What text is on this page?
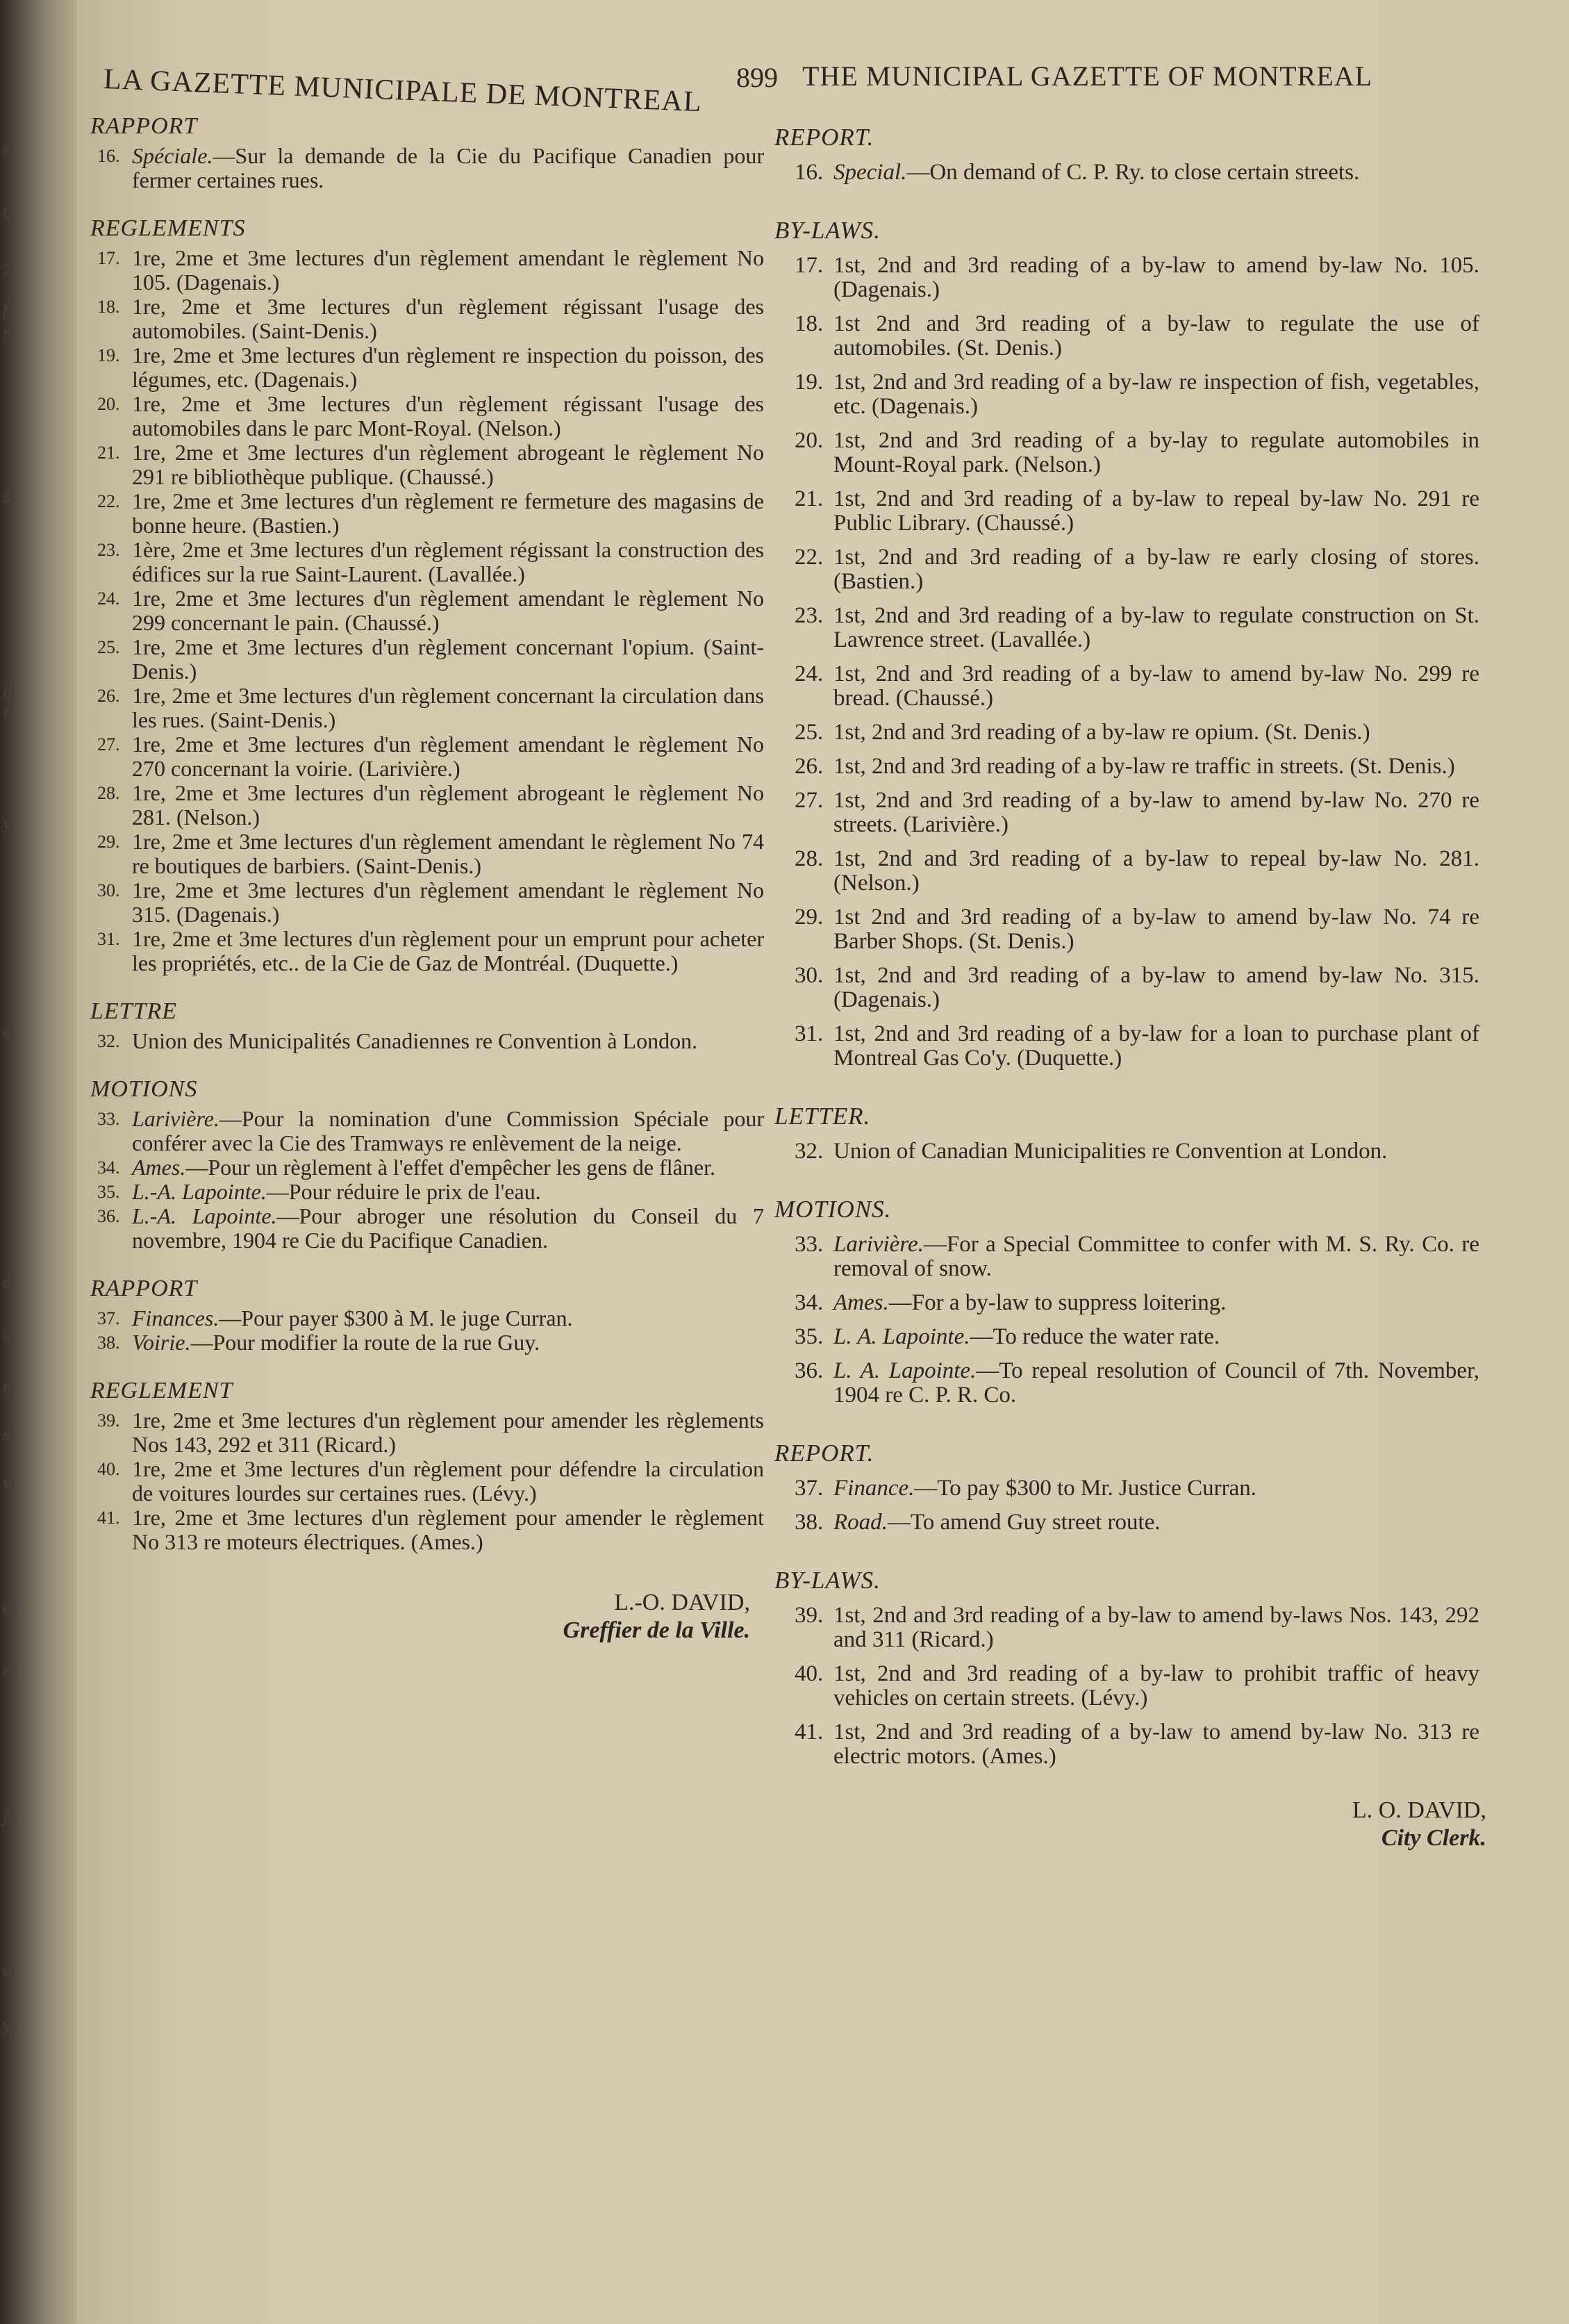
s
t,
;
f.
r
s
it
r
y
e.
d
w
n
s
w
of
rt
j-
o.
y-
LA GAZETTE MUNICIPALE DE MONTREAL 899 THE MUNICIPAL GAZETTE OF MONTREAL
RAPPORT
16. Spéciale.—Sur la demande de la Cie du Pacifique Canadien pour fermer certaines rues.
REGLEMENTS
17. 1re, 2me et 3me lectures d'un règlement amendant le règlement No 105. (Dagenais.)
18. 1re, 2me et 3me lectures d'un règlement régissant l'usage des automobiles. (Saint-Denis.)
19. 1re, 2me et 3me lectures d'un règlement re inspection du poisson, des légumes, etc. (Dagenais.)
20. 1re, 2me et 3me lectures d'un règlement régissant l'usage des automobiles dans le parc Mont-Royal. (Nelson.)
21. 1re, 2me et 3me lectures d'un règlement abrogeant le règlement No 291 re bibliothèque publique. (Chaussé.)
22. 1re, 2me et 3me lectures d'un règlement re fermeture des magasins de bonne heure. (Bastien.)
23. 1ère, 2me et 3me lectures d'un règlement régissant la construction des édifices sur la rue Saint-Laurent. (Lavallée.)
24. 1re, 2me et 3me lectures d'un règlement amendant le règlement No 299 concernant le pain. (Chaussé.)
25. 1re, 2me et 3me lectures d'un règlement concernant l'opium. (Saint-Denis.)
26. 1re, 2me et 3me lectures d'un règlement concernant la circulation dans les rues. (Saint-Denis.)
27. 1re, 2me et 3me lectures d'un règlement amendant le règlement No 270 concernant la voirie. (Larivière.)
28. 1re, 2me et 3me lectures d'un règlement abrogeant le règlement No 281. (Nelson.)
29. 1re, 2me et 3me lectures d'un règlement amendant le règlement No 74 re boutiques de barbiers. (Saint-Denis.)
30. 1re, 2me et 3me lectures d'un règlement amendant le règlement No 315. (Dagenais.)
31. 1re, 2me et 3me lectures d'un règlement pour un emprunt pour acheter les propriétés, etc.. de la Cie de Gaz de Montréal. (Duquette.)
LETTRE
32. Union des Municipalités Canadiennes re Convention à London.
MOTIONS
33. Larivière.—Pour la nomination d'une Commission Spéciale pour conférer avec la Cie des Tramways re enlèvement de la neige.
34. Ames.—Pour un règlement à l'effet d'empêcher les gens de flâner.
35. L.-A. Lapointe.—Pour réduire le prix de l'eau.
36. L.-A. Lapointe.—Pour abroger une résolution du Conseil du 7 novembre, 1904 re Cie du Pacifique Canadien.
RAPPORT
37. Finances.—Pour payer $300 à M. le juge Curran.
38. Voirie.—Pour modifier la route de la rue Guy.
REGLEMENT
39. 1re, 2me et 3me lectures d'un règlement pour amender les règlements Nos 143, 292 et 311 (Ricard.)
40. 1re, 2me et 3me lectures d'un règlement pour défendre la circulation de voitures lourdes sur certaines rues. (Lévy.)
41. 1re, 2me et 3me lectures d'un règlement pour amender le règlement No 313 re moteurs électriques. (Ames.)
L.-O. DAVID,
Greffier de la Ville.
REPORT.
16. Special.—On demand of C. P. Ry. to close certain streets.
BY-LAWS.
17. 1st, 2nd and 3rd reading of a by-law to amend by-law No. 105. (Dagenais.)
18. 1st 2nd and 3rd reading of a by-law to regulate the use of automobiles. (St. Denis.)
19. 1st, 2nd and 3rd reading of a by-law re inspection of fish, vegetables, etc. (Dagenais.)
20. 1st, 2nd and 3rd reading of a by-lay to regulate automobiles in Mount-Royal park. (Nelson.)
21. 1st, 2nd and 3rd reading of a by-law to repeal by-law No. 291 re Public Library. (Chaussé.)
22. 1st, 2nd and 3rd reading of a by-law re early closing of stores. (Bastien.)
23. 1st, 2nd and 3rd reading of a by-law to regulate construction on St. Lawrence street. (Lavallée.)
24. 1st, 2nd and 3rd reading of a by-law to amend by-law No. 299 re bread. (Chaussé.)
25. 1st, 2nd and 3rd reading of a by-law re opium. (St. Denis.)
26. 1st, 2nd and 3rd reading of a by-law re traffic in streets. (St. Denis.)
27. 1st, 2nd and 3rd reading of a by-law to amend by-law No. 270 re streets. (Larivière.)
28. 1st, 2nd and 3rd reading of a by-law to repeal by-law No. 281. (Nelson.)
29. 1st 2nd and 3rd reading of a by-law to amend by-law No. 74 re Barber Shops. (St. Denis.)
30. 1st, 2nd and 3rd reading of a by-law to amend by-law No. 315. (Dagenais.)
31. 1st, 2nd and 3rd reading of a by-law for a loan to purchase plant of Montreal Gas Co'y. (Duquette.)
LETTER.
32. Union of Canadian Municipalities re Convention at London.
MOTIONS.
33. Larivière.—For a Special Committee to confer with M. S. Ry. Co. re removal of snow.
34. Ames.—For a by-law to suppress loitering.
35. L. A. Lapointe.—To reduce the water rate.
36. L. A. Lapointe.—To repeal resolution of Council of 7th. November, 1904 re C. P. R. Co.
REPORT.
37. Finance.—To pay $300 to Mr. Justice Curran.
38. Road.—To amend Guy street route.
BY-LAWS.
39. 1st, 2nd and 3rd reading of a by-law to amend by-laws Nos. 143, 292 and 311 (Ricard.)
40. 1st, 2nd and 3rd reading of a by-law to prohibit traffic of heavy vehicles on certain streets. (Lévy.)
41. 1st, 2nd and 3rd reading of a by-law to amend by-law No. 313 re electric motors. (Ames.)
L. O. DAVID,
City Clerk.
